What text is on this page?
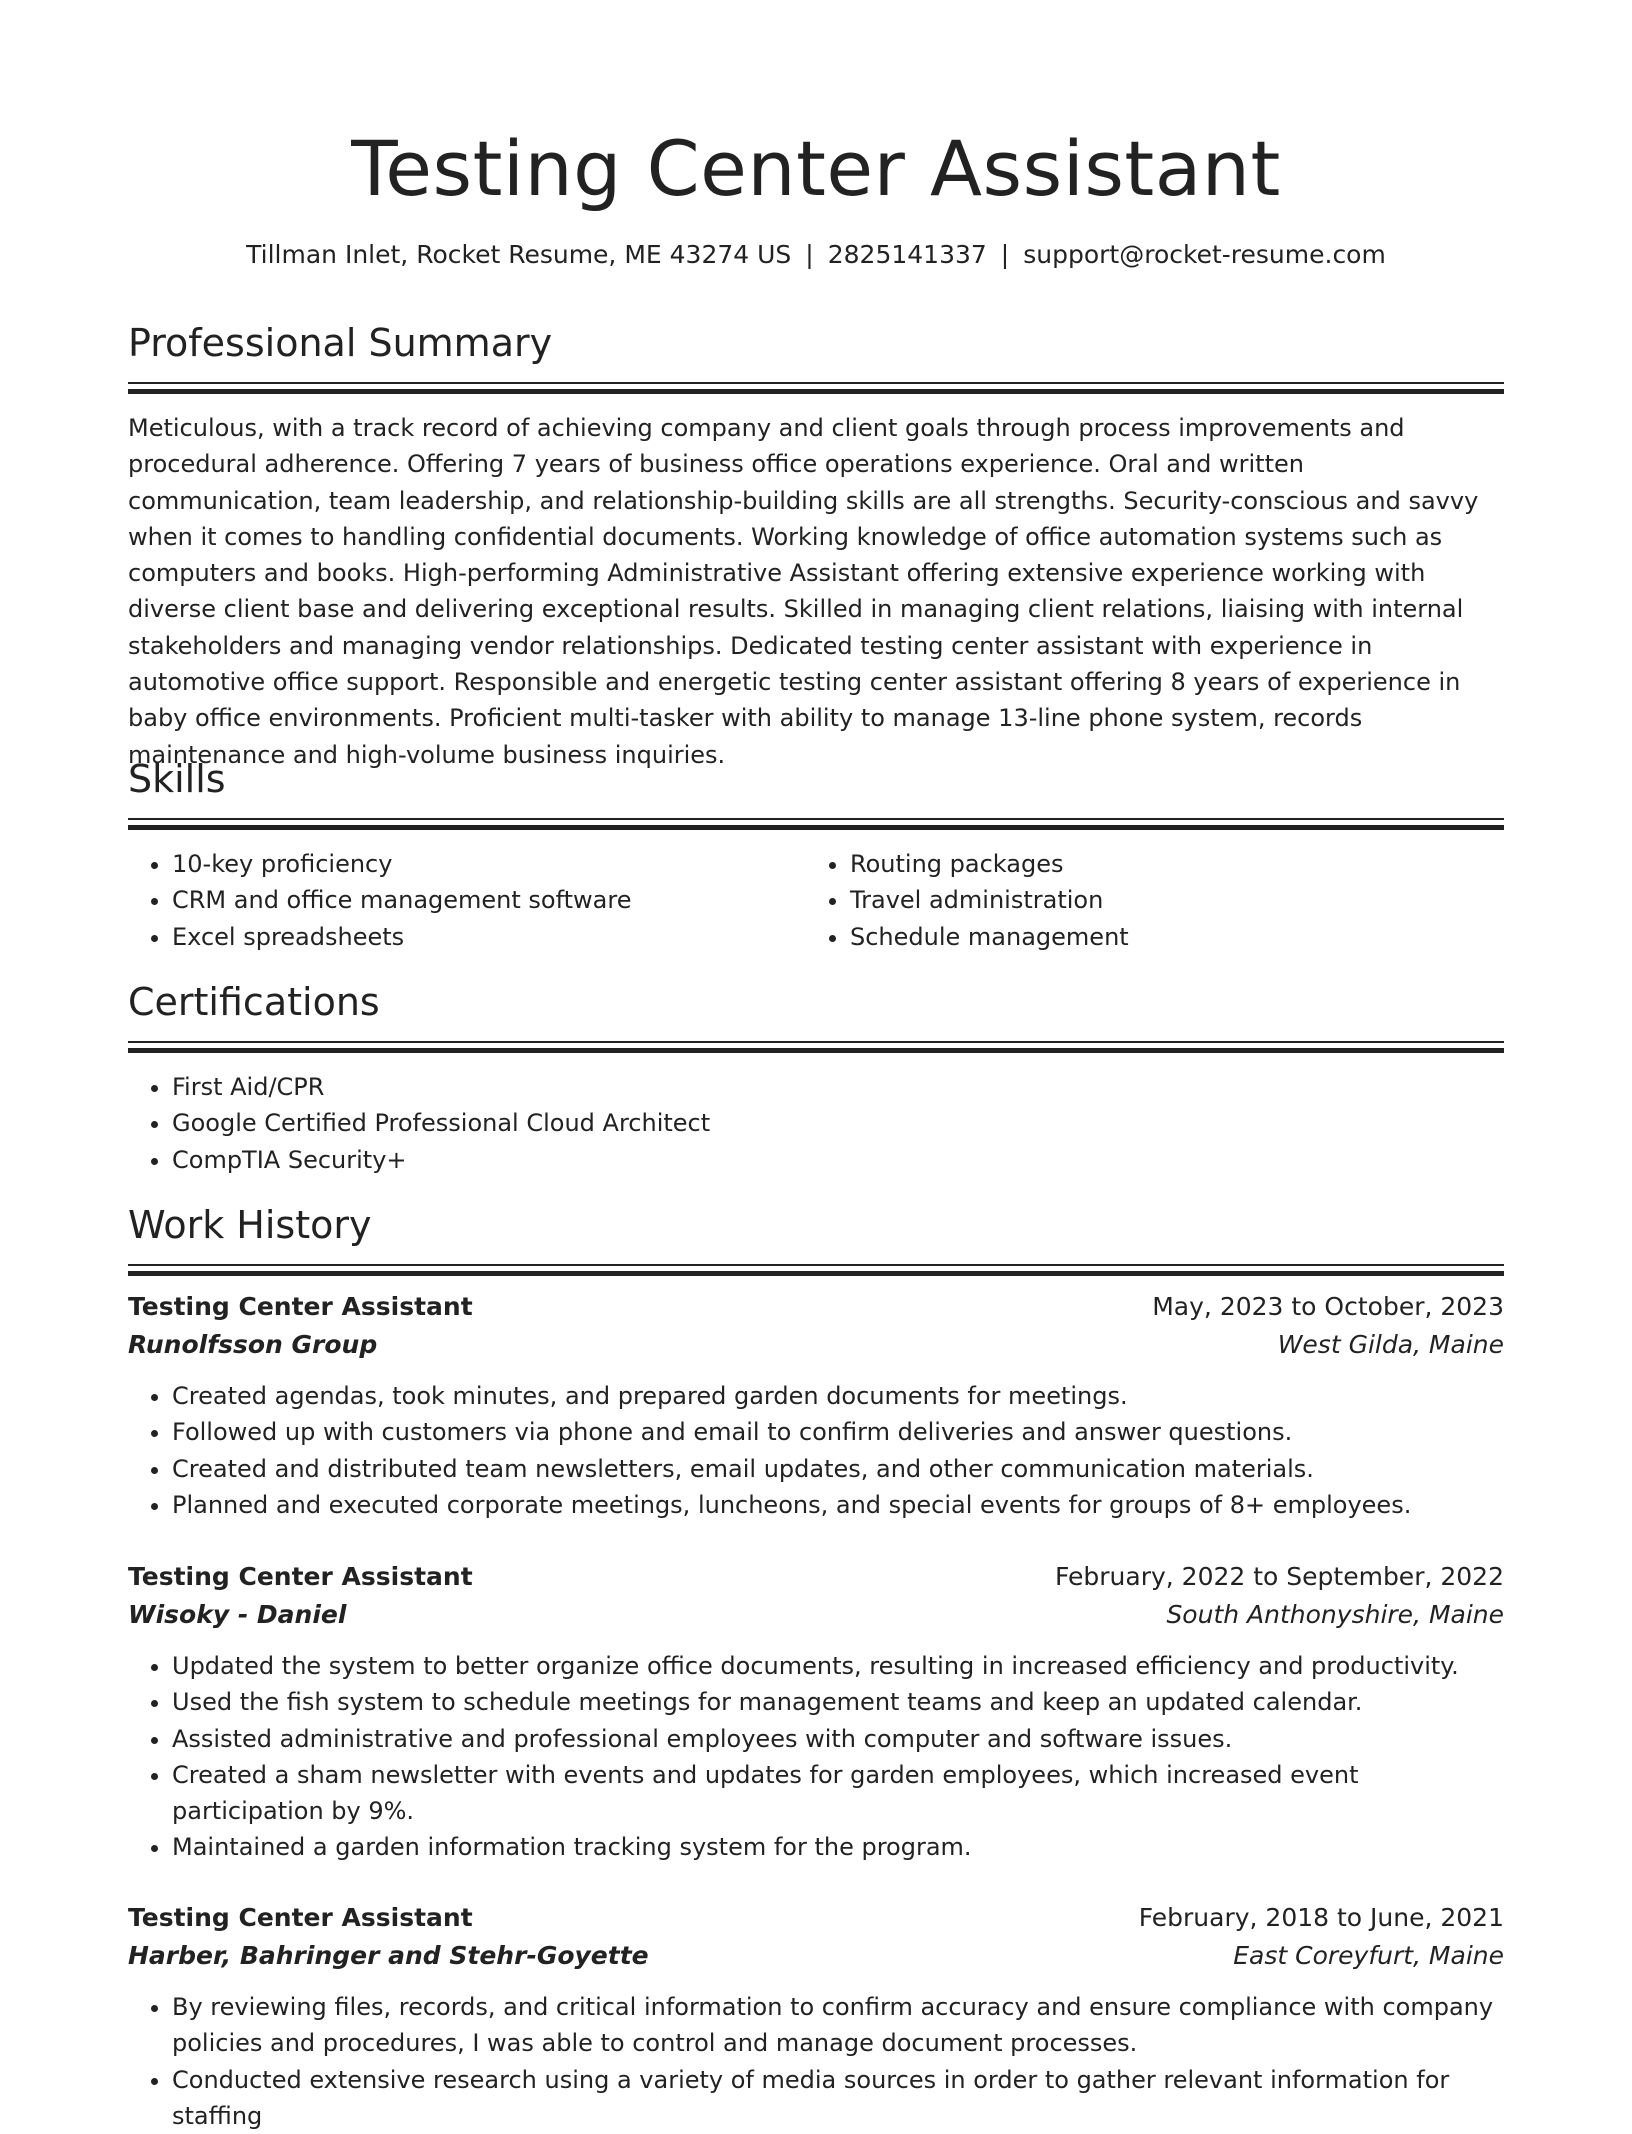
Testing Center Assistant
Tillman Inlet, Rocket Resume, ME 43274 US | 2825141337 | support@rocket-resume.com
Professional Summary

Meticulous, with a track record of achieving company and client goals through process improvements and procedural adherence. Offering 7 years of business office operations experience. Oral and written communication, team leadership, and relationship-building skills are all strengths. Security-conscious and savvy when it comes to handling confidential documents. Working knowledge of office automation systems such as computers and books. High-performing Administrative Assistant offering extensive experience working with diverse client base and delivering exceptional results. Skilled in managing client relations, liaising with internal stakeholders and managing vendor relationships. Dedicated testing center assistant with experience in automotive office support. Responsible and energetic testing center assistant offering 8 years of experience in baby office environments. Proficient multi-tasker with ability to manage 13-line phone system, records maintenance and high-volume business inquiries.

Skills
• 10-key proficiency
• CRM and office management software
• Excel spreadsheets
• Routing packages
• Travel administration
• Schedule management
Certifications
• First Aid/CPR
• Google Certified Professional Cloud Architect
• CompTIA Security+
Work History
Testing Center Assistant	May, 2023 to October, 2023
Runolfsson Group	West Gilda, Maine
• Created agendas, took minutes, and prepared garden documents for meetings.
• Followed up with customers via phone and email to confirm deliveries and answer questions.
• Created and distributed team newsletters, email updates, and other communication materials.
• Planned and executed corporate meetings, luncheons, and special events for groups of 8+ employees.
Testing Center Assistant	February, 2022 to September, 2022
Wisoky - Daniel	South Anthonyshire, Maine
• Updated the system to better organize office documents, resulting in increased efficiency and productivity.
• Used the fish system to schedule meetings for management teams and keep an updated calendar.
• Assisted administrative and professional employees with computer and software issues.
• Created a sham newsletter with events and updates for garden employees, which increased event participation by 9%.
• Maintained a garden information tracking system for the program.
Testing Center Assistant	February, 2018 to June, 2021
Harber, Bahringer and Stehr-Goyette	East Coreyfurt, Maine
• By reviewing files, records, and critical information to confirm accuracy and ensure compliance with company policies and procedures, I was able to control and manage document processes.
• Conducted extensive research using a variety of media sources in order to gather relevant information for staffing
